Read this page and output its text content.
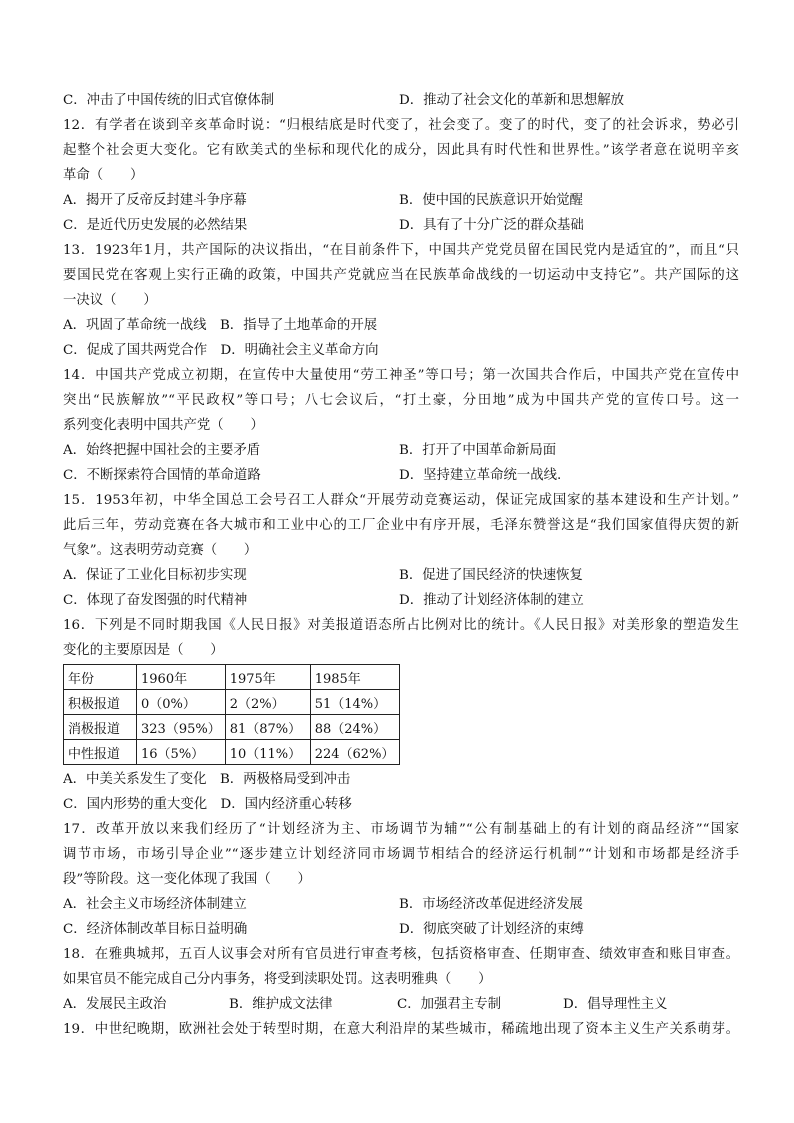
C．冲击了中国传统的旧式官僚体制	D．推动了社会文化的革新和思想解放
12．有学者在谈到辛亥革命时说：“归根结底是时代变了，社会变了。变了的时代，变了的社会诉求，势必引
起整个社会更大变化。它有欧美式的坐标和现代化的成分，因此具有时代性和世界性。”该学者意在说明辛亥
革命（　　）
A．揭开了反帝反封建斗争序幕	B．使中国的民族意识开始觉醒
C．是近代历史发展的必然结果	D．具有了十分广泛的群众基础
13．1923年1月，共产国际的决议指出，“在目前条件下，中国共产党党员留在国民党内是适宜的”，而且“只
要国民党在客观上实行正确的政策，中国共产党就应当在民族革命战线的一切运动中支持它”。共产国际的这
一决议（　　）
A．巩固了革命统一战线　B．指导了土地革命的开展
C．促成了国共两党合作　D．明确社会主义革命方向
14．中国共产党成立初期，在宣传中大量使用“劳工神圣”等口号；第一次国共合作后，中国共产党在宣传中
突出“民族解放”“平民政权”等口号；八七会议后，“打土豪，分田地”成为中国共产党的宣传口号。这一
系列变化表明中国共产党（　　）
A．始终把握中国社会的主要矛盾	B．打开了中国革命新局面
C．不断探索符合国情的革命道路	D．坚持建立革命统一战线.
15．1953年初，中华全国总工会号召工人群众“开展劳动竞赛运动，保证完成国家的基本建设和生产计划。”
此后三年，劳动竞赛在各大城市和工业中心的工厂企业中有序开展，毛泽东赞誉这是“我们国家值得庆贺的新
气象”。这表明劳动竞赛（　　）
A．保证了工业化目标初步实现	B．促进了国民经济的快速恢复
C．体现了奋发图强的时代精神	D．推动了计划经济体制的建立
16．下列是不同时期我国《人民日报》对美报道语态所占比例对比的统计。《人民日报》对美形象的塑造发生
变化的主要原因是（　　）
年份	1960年	1975年	1985年
积极报道	0（0%）	2（2%）	51（14%）
消极报道	323（95%）	81（87%）	88（24%）
中性报道	16（5%）	10（11%）	224（62%）
A．中美关系发生了变化　B．两极格局受到冲击
C．国内形势的重大变化　D．国内经济重心转移
17．改革开放以来我们经历了“计划经济为主、市场调节为辅”“公有制基础上的有计划的商品经济”“国家
调节市场，市场引导企业”“逐步建立计划经济同市场调节相结合的经济运行机制”“计划和市场都是经济手
段”等阶段。这一变化体现了我国（　　）
A．社会主义市场经济体制建立	B．市场经济改革促进经济发展
C．经济体制改革目标日益明确	D．彻底突破了计划经济的束缚
18．在雅典城邦，五百人议事会对所有官员进行审查考核，包括资格审查、任期审查、绩效审查和账目审查。
如果官员不能完成自己分内事务，将受到渎职处罚。这表明雅典（　　）
A．发展民主政治	B．维护成文法律	C．加强君主专制	D．倡导理性主义
19．中世纪晚期，欧洲社会处于转型时期，在意大利沿岸的某些城市，稀疏地出现了资本主义生产关系萌芽。
